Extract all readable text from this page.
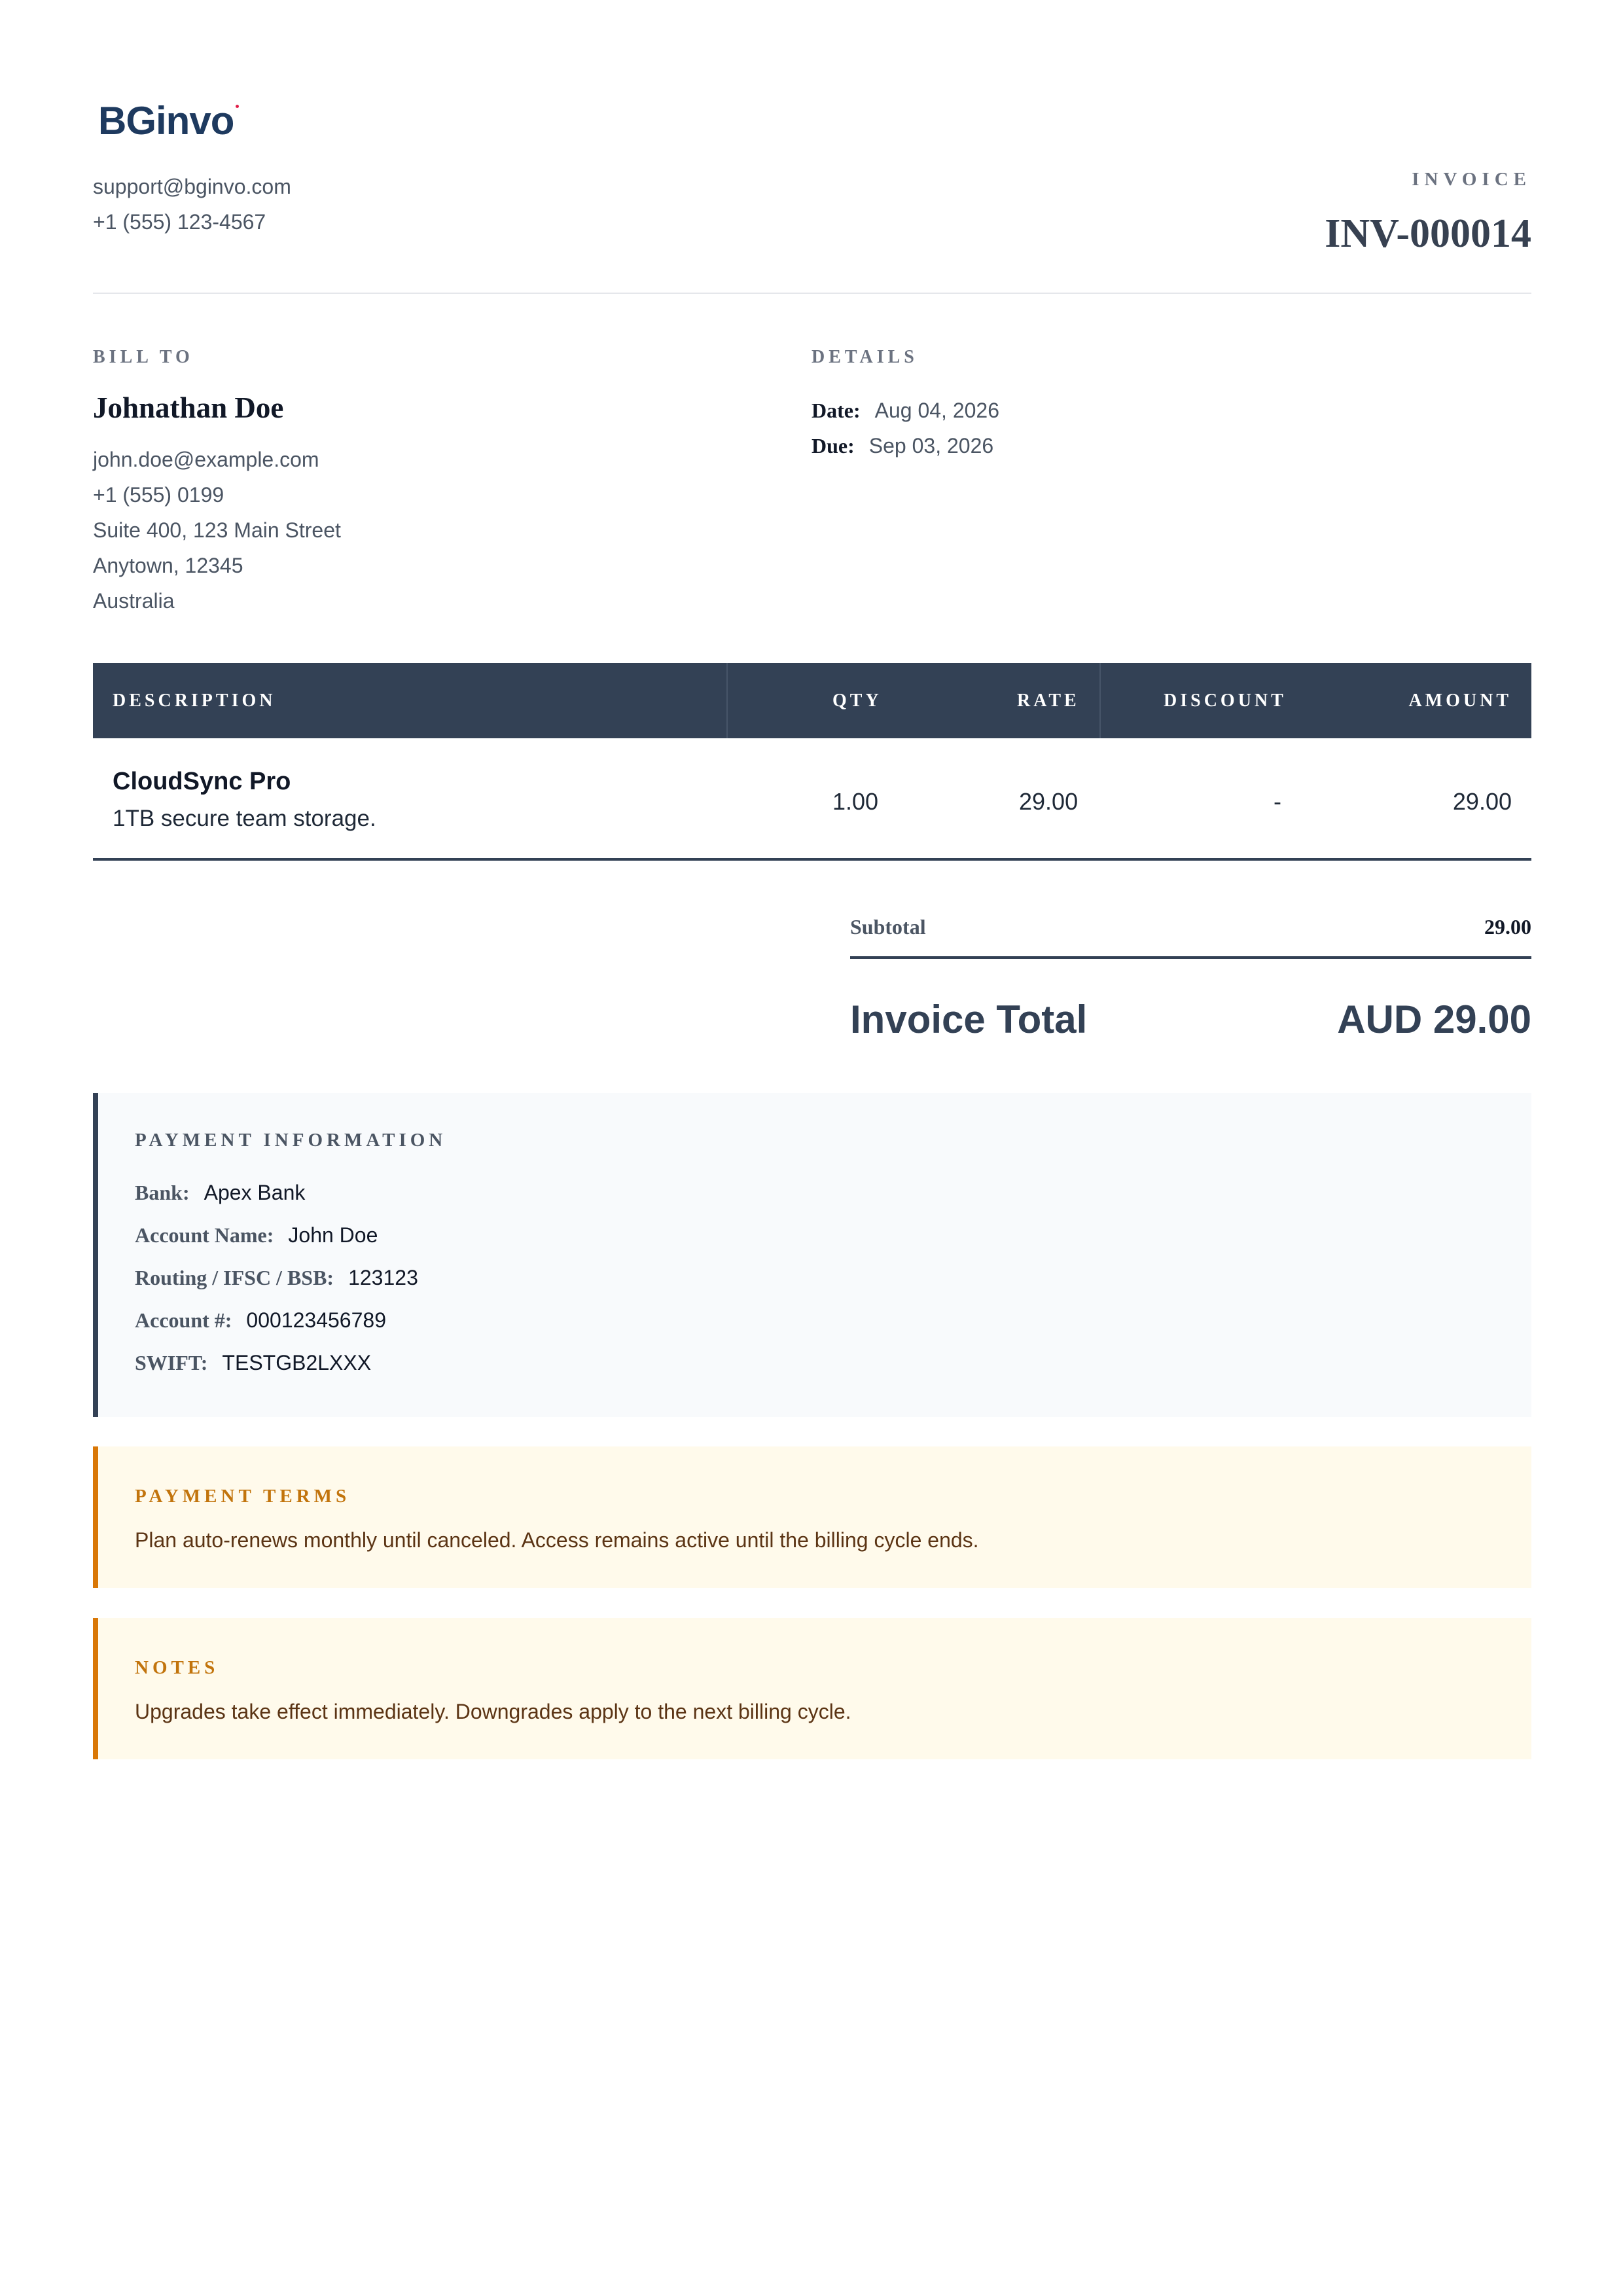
BGinvo
support@bginvo.com
+1 (555) 123-4567
INVOICE
INV-000014
BILL TO
Johnathan Doe
john.doe@example.com
+1 (555) 0199
Suite 400, 123 Main Street
Anytown, 12345
Australia
DETAILS
Date: Aug 04, 2026
Due: Sep 03, 2026
DESCRIPTION	QTY	RATE	DISCOUNT	AMOUNT
CloudSync Pro
1TB secure team storage.
1.00	29.00	-	29.00
Subtotal	29.00
Invoice Total	AUD 29.00
PAYMENT INFORMATION
Bank: Apex Bank
Account Name: John Doe
Routing / IFSC / BSB: 123123
Account #: 000123456789
SWIFT: TESTGB2LXXX
PAYMENT TERMS
Plan auto-renews monthly until canceled. Access remains active until the billing cycle ends.
NOTES
Upgrades take effect immediately. Downgrades apply to the next billing cycle.
